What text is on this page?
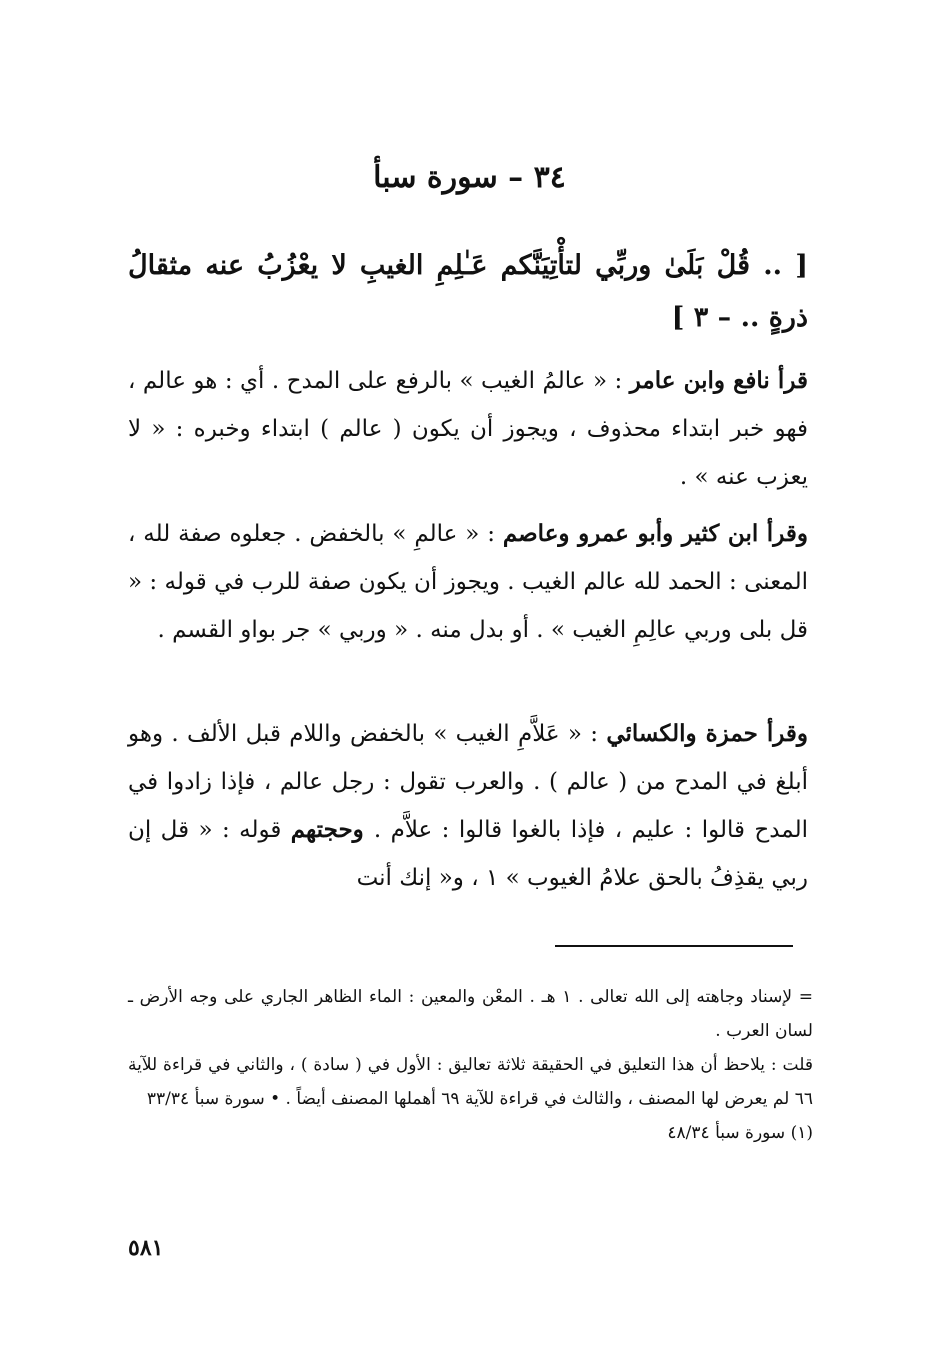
٣٤ – سورة سبأ
[ .. قُلْ بَلَىٰ وربِّي لتأْتِيَنَّكم عَـٰلِمِ الغيبِ لا يعْزُبُ عنه مثقالُ ذرةٍ .. – ٣ ]
قرأ نافع وابن عامر : « عالمُ الغيب » بالرفع على المدح . أي : هو عالم ، فهو خبر ابتداء محذوف ، ويجوز أن يكون ( عالم ) ابتداء وخبره : « لا يعزب عنه » .
وقرأ ابن كثير وأبو عمرو وعاصم : « عالمِ » بالخفض . جعلوه صفة لله ، المعنى : الحمد لله عالم الغيب . ويجوز أن يكون صفة للرب في قوله : « قل بلى وربي عالِمِ الغيب » . أو بدل منه . « وربي » جر بواو القسم .
وقرأ حمزة والكسائي : « عَلاَّمِ الغيب » بالخفض واللام قبل الألف . وهو أبلغ في المدح من ( عالم ) . والعرب تقول : رجل عالم ، فإذا زادوا في المدح قالوا : عليم ، فإذا بالغوا قالوا : علاَّم . وحجتهم قوله : « قل إن ربي يقذِفُ بالحق علامُ الغيوب » ١ ، و« إنك أنت

= لإسناد وجاهته إلى الله تعالى . ١ هـ . المعْن والمعين : الماء الظاهر الجاري على وجه الأرض ـ لسان العرب .

قلت : يلاحظ أن هذا التعليق في الحقيقة ثلاثة تعاليق : الأول في ( سادة ) ، والثاني في قراءة للآية ٦٦ لم يعرض لها المصنف ، والثالث في قراءة للآية ٦٩ أهملها المصنف أيضاً . • سورة سبأ ٣٣/٣٤

(١) سورة سبأ ٤٨/٣٤

٥٨١
